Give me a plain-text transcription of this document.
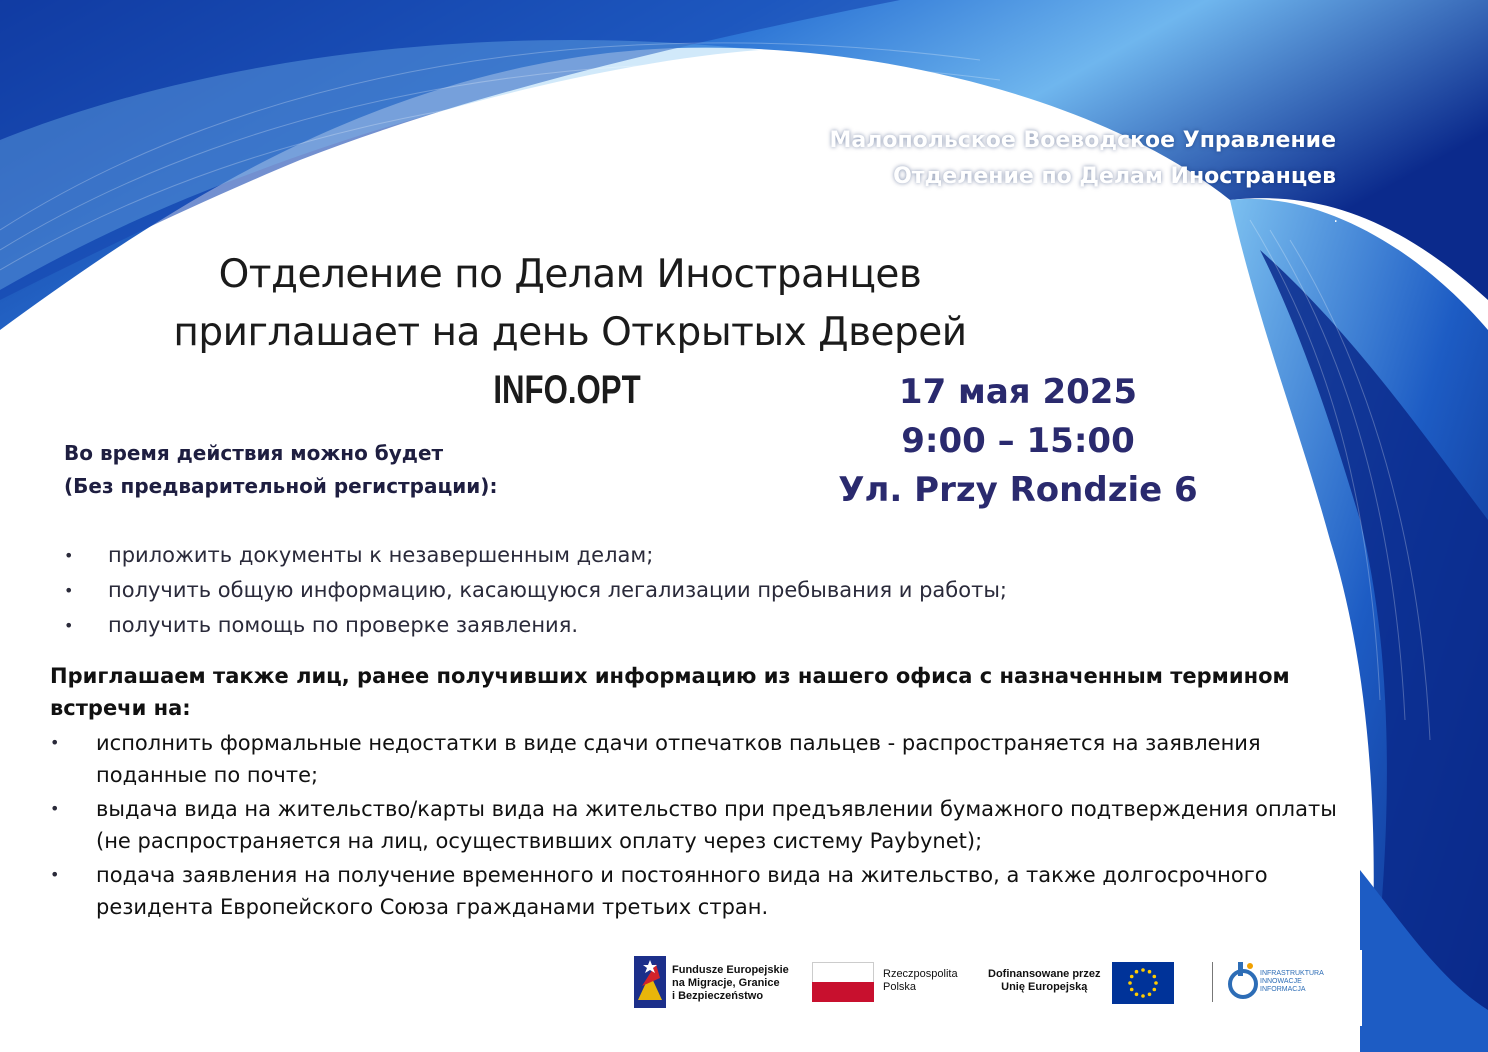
Малопольское Воеводское Управление
Отделение по Делам Иностранцев
.
Отделение по Делам Иностранцев
приглашает на день Открытых Дверей
INFO.OPT	17 мая 2025
9:00 – 15:00
Ул. Przy Rondzie 6
Во время действия можно будет
(Без предварительной регистрации):
• приложить документы к незавершенным делам;
• получить общую информацию, касающуюся легализации пребывания и работы;
• получить помощь по проверке заявления.
Приглашаем также лиц, ранее получивших информацию из нашего офиса с назначенным термином встречи на:
• исполнить формальные недостатки в виде сдачи отпечатков пальцев - распространяется на заявления поданные по почте;
• выдача вида на жительство/карты вида на жительство при предъявлении бумажного подтверждения оплаты (не распространяется на лиц, осуществивших оплату через систему Paybynet);
• подача заявления на получение временного и постоянного вида на жительство, а также долгосрочного резидента Европейского Союза гражданами третьих стран.
Fundusze Europejskie
na Migracje, Granice
i Bezpieczeństwo
Rzeczpospolita
Polska
Dofinansowane przez
Unię Europejską
INFRASTRUKTURA
INNOWACJE
INFORMACJA
